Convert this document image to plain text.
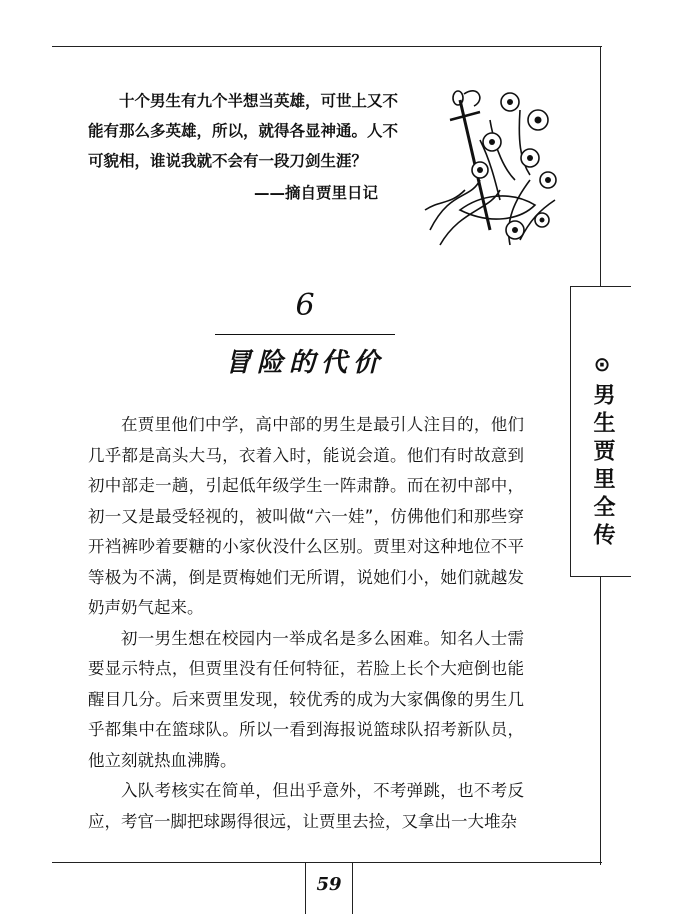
⊙
男生贾里全传

十个男生有九个半想当英雄，可世上又不能有那么多英雄，所以，就得各显神通。人不可貌相，谁说我就不会有一段刀剑生涯？

——摘自贾里日记

6
冒险的代价

在贾里他们中学，高中部的男生是最引人注目的，他们几乎都是高头大马，衣着入时，能说会道。他们有时故意到初中部走一趟，引起低年级学生一阵肃静。而在初中部中，初一又是最受轻视的，被叫做“六一娃”，仿佛他们和那些穿开裆裤吵着要糖的小家伙没什么区别。贾里对这种地位不平等极为不满，倒是贾梅她们无所谓，说她们小，她们就越发奶声奶气起来。

初一男生想在校园内一举成名是多么困难。知名人士需要显示特点，但贾里没有任何特征，若脸上长个大疤倒也能醒目几分。后来贾里发现，较优秀的成为大家偶像的男生几乎都集中在篮球队。所以一看到海报说篮球队招考新队员，他立刻就热血沸腾。

入队考核实在简单，但出乎意外，不考弹跳，也不考反应，考官一脚把球踢得很远，让贾里去捡，又拿出一大堆杂

59
